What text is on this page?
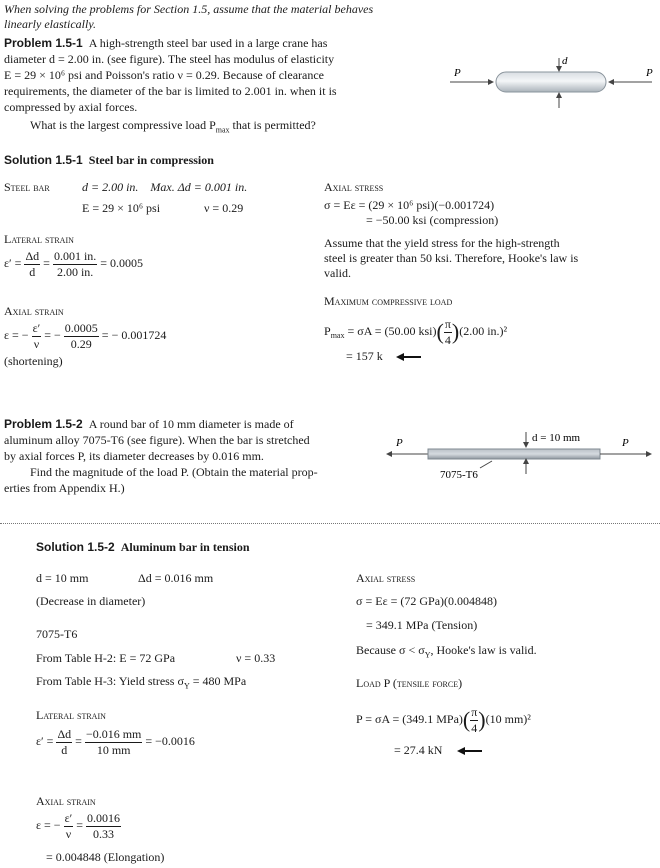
When solving the problems for Section 1.5, assume that the material behaves linearly elastically.
Problem 1.5-1 A high-strength steel bar used in a large crane has
diameter d = 2.00 in. (see figure). The steel has modulus of elasticity
E = 29 × 10⁶ psi and Poisson's ratio ν = 0.29. Because of clearance
requirements, the diameter of the bar is limited to 2.001 in. when it is
compressed by axial forces.
What is the largest compressive load $P_{max}$ that is permitted?
P	P
d
Solution 1.5-1 Steel bar in compression
Steel bar	d = 2.00 in.    Max. Δd = 0.001 in.
E = 29 × 10⁶ psi	ν = 0.29
Lateral strain
$\varepsilon' = \frac{\Delta d}{d} = \frac{0.001 in.}{2.00 in.} = 0.0005$
Axial strain
ε = − $\frac{\varepsilon'}{\nu}$ = − $\frac{0.0005}{0.29}$ = − 0.001724
(shortening)
Axial stress
σ = Eε = (29 × 10⁶ psi)(−0.001724)
= −50.00 ksi (compression)
Assume that the yield stress for the high-strength
steel is greater than 50 ksi. Therefore, Hooke's law is
valid.
Maximum compressive load
$P_{max} = \sigma A = (50.00$ $ksi)( \frac{\pi}{4} )(2.00$ in.)²
= 157 k
Problem 1.5-2 A round bar of 10 mm diameter is made of
aluminum alloy 7075-T6 (see figure). When the bar is stretched
by axial forces P, its diameter decreases by 0.016 mm.
Find the magnitude of the load P. (Obtain the material prop-
erties from Appendix H.)
P	P
d = 10 mm
7075-T6
Solution 1.5-2 Aluminum bar in tension
d = 10 mm	Δd = 0.016 mm
(Decrease in diameter)
7075-T6
From Table H-2: E = 72 GPa	ν = 0.33
From Table H-3: Yield stress $\sigma_Y = 480$ MPa
Lateral strain
$\varepsilon' = \frac{\Delta d}{d} = \frac{-0.016 mm}{10 mm} = -0.0016$
Axial strain
ε = − $\frac{\varepsilon'}{\nu} = \frac{0.0016}{0.33}$
= 0.004848 (Elongation)
Axial stress
σ = Eε = (72 GPa)(0.004848)
= 349.1 MPa (Tension)
Because $\sigma < \sigma_Y$, Hooke's law is valid.
Load P (tensile force)
P = σA = (349.1 $MPa)( \frac{\pi}{4} )(10$ mm)²
= 27.4 kN
